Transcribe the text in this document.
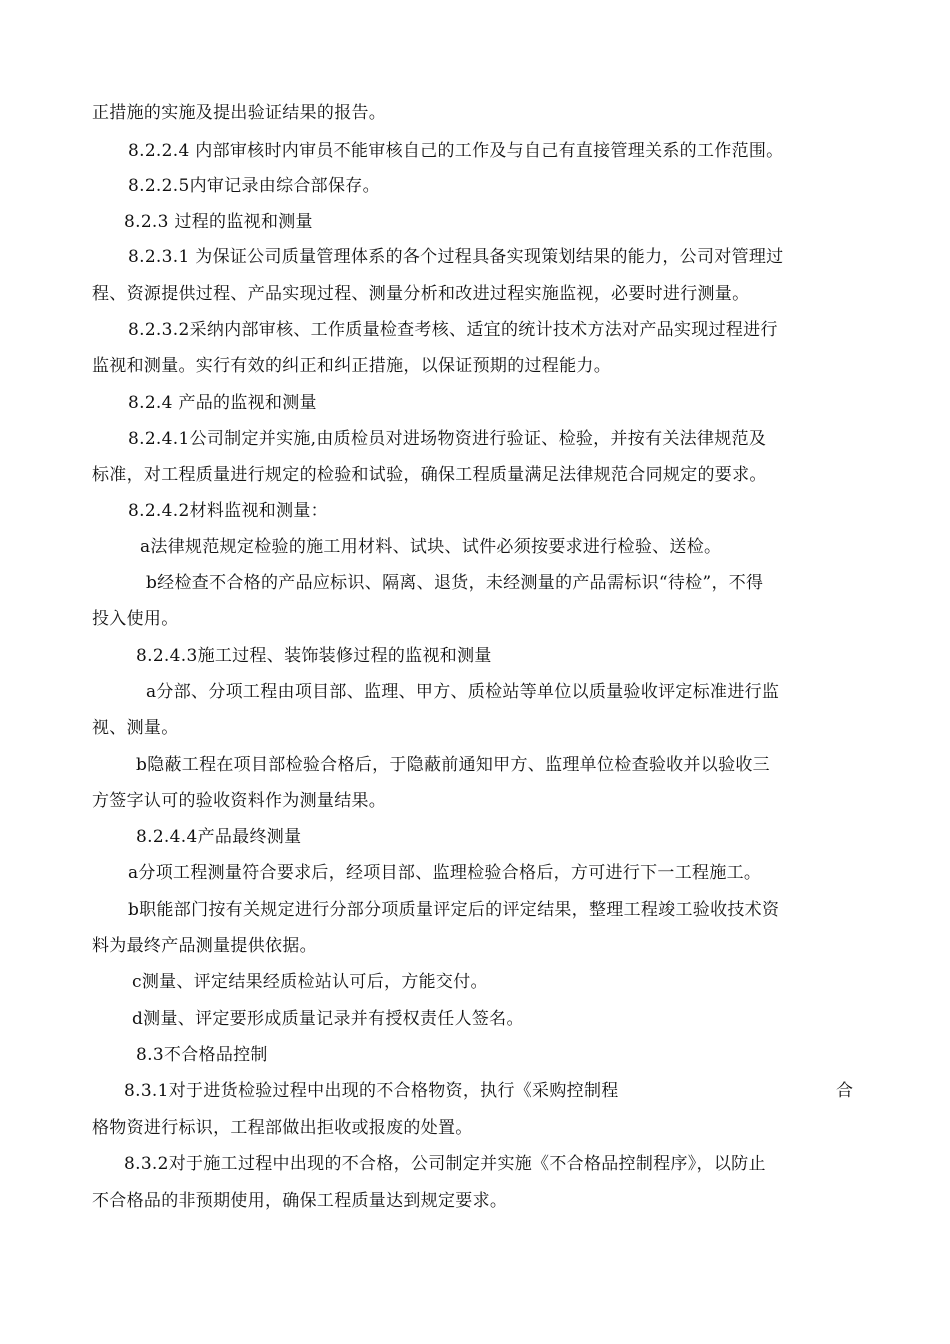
正措施的实施及提出验证结果的报告。
8.2.2.4 内部审核时内审员不能审核自己的工作及与自己有直接管理关系的工作范围。
8.2.2.5内审记录由综合部保存。
8.2.3 过程的监视和测量
8.2.3.1 为保证公司质量管理体系的各个过程具备实现策划结果的能力，公司对管理过
程、资源提供过程、产品实现过程、测量分析和改进过程实施监视，必要时进行测量。
8.2.3.2采纳内部审核、工作质量检查考核、适宜的统计技术方法对产品实现过程进行
监视和测量。实行有效的纠正和纠正措施，以保证预期的过程能力。
8.2.4 产品的监视和测量
8.2.4.1公司制定并实施,由质检员对进场物资进行验证、检验，并按有关法律规范及
标准，对工程质量进行规定的检验和试验，确保工程质量满足法律规范合同规定的要求。
8.2.4.2材料监视和测量：
a法律规范规定检验的施工用材料、试块、试件必须按要求进行检验、送检。
b经检查不合格的产品应标识、隔离、退货，未经测量的产品需标识“待检”，不得
投入使用。
8.2.4.3施工过程、装饰装修过程的监视和测量
a分部、分项工程由项目部、监理、甲方、质检站等单位以质量验收评定标准进行监
视、测量。
b隐蔽工程在项目部检验合格后，于隐蔽前通知甲方、监理单位检查验收并以验收三
方签字认可的验收资料作为测量结果。
8.2.4.4产品最终测量
a分项工程测量符合要求后，经项目部、监理检验合格后，方可进行下一工程施工。
b职能部门按有关规定进行分部分项质量评定后的评定结果，整理工程竣工验收技术资
料为最终产品测量提供依据。
c测量、评定结果经质检站认可后，方能交付。
d测量、评定要形成质量记录并有授权责任人签名。
8.3不合格品控制
8.3.1对于进货检验过程中出现的不合格物资，执行《采购控制程	合
格物资进行标识，工程部做出拒收或报废的处置。
8.3.2对于施工过程中出现的不合格，公司制定并实施《不合格品控制程序》，以防止
不合格品的非预期使用，确保工程质量达到规定要求。
